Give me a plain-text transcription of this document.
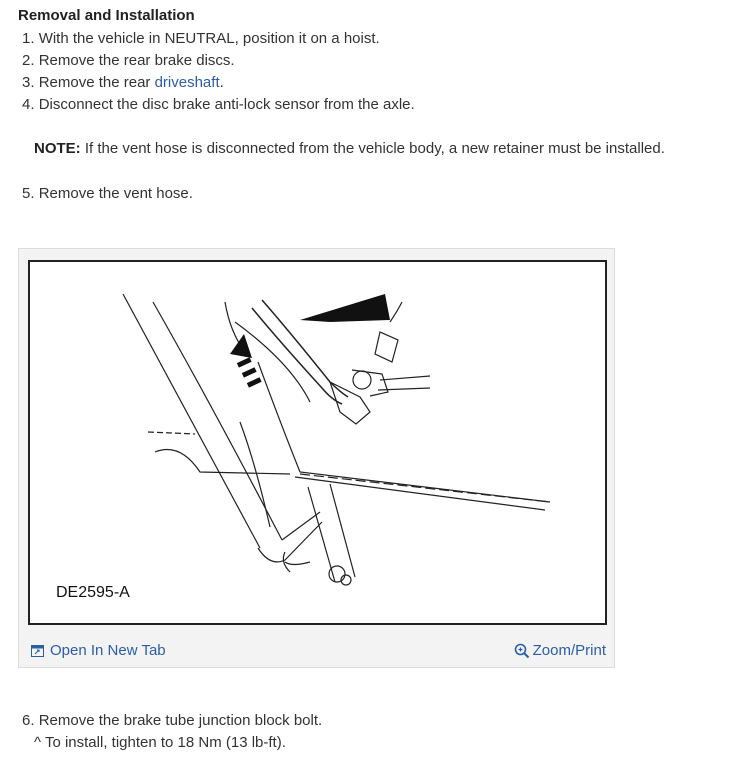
Removal and Installation
1. With the vehicle in NEUTRAL, position it on a hoist.
2. Remove the rear brake discs.
3. Remove the rear driveshaft.
4. Disconnect the disc brake anti-lock sensor from the axle.
NOTE: If the vent hose is disconnected from the vehicle body, a new retainer must be installed.
5. Remove the vent hose.
DE2595-A
Open In New Tab	Zoom/Print
6. Remove the brake tube junction block bolt.
^ To install, tighten to 18 Nm (13 lb-ft).
